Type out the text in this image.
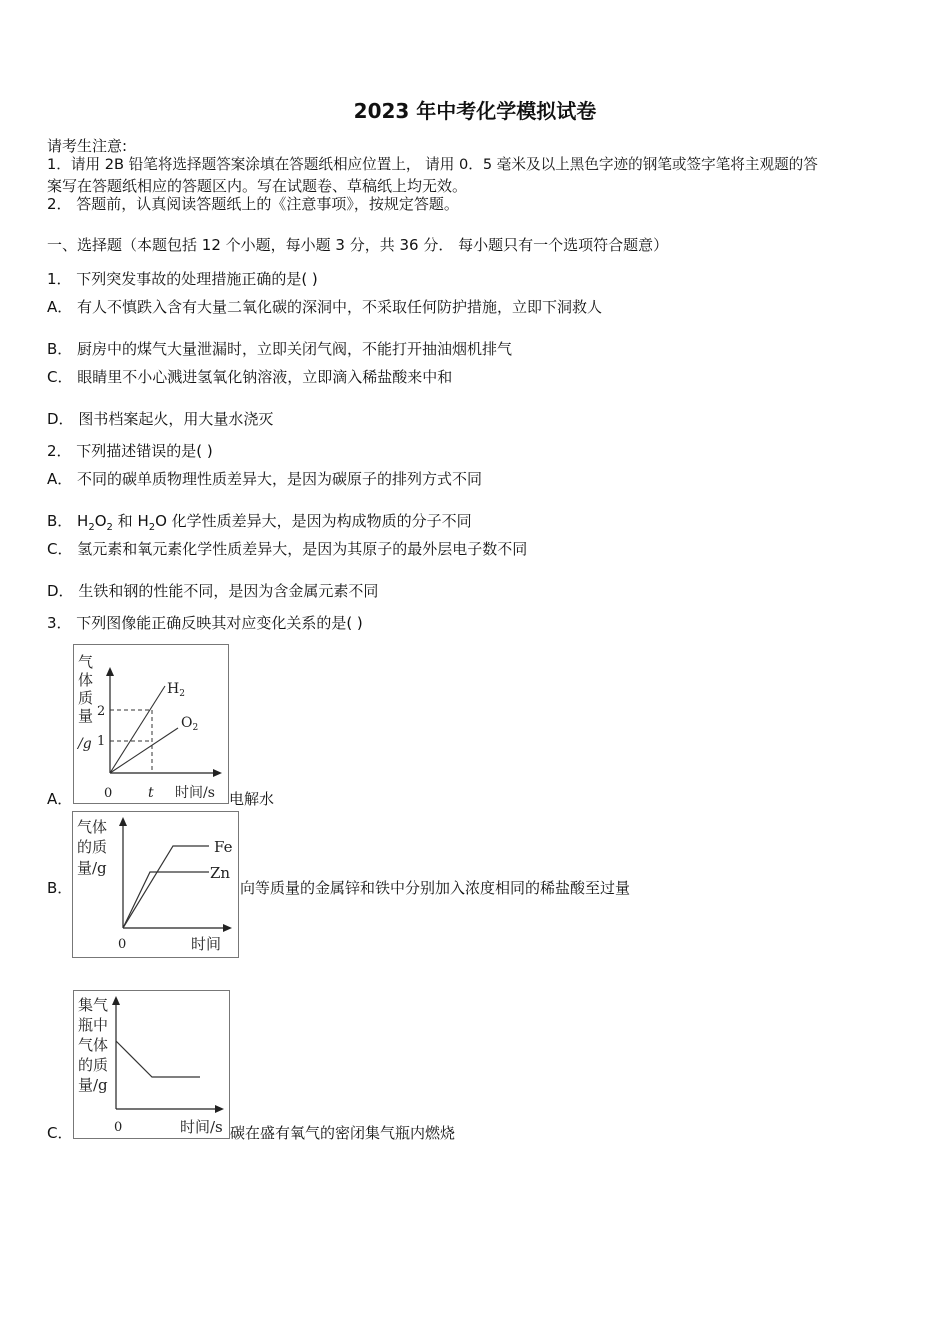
2023 年中考化学模拟试卷
请考生注意:
1．请用 2B 铅笔将选择题答案涂填在答题纸相应位置上， 请用 0．5 毫米及以上黑色字迹的钢笔或签字笔将主观题的答
案写在答题纸相应的答题区内。写在试题卷、草稿纸上均无效。
2． 答题前，认真阅读答题纸上的《注意事项》，按规定答题。
一、选择题（本题包括 12 个小题，每小题 3 分，共 36 分． 每小题只有一个选项符合题意）
1． 下列突发事故的处理措施正确的是( )
A． 有人不慎跌入含有大量二氧化碳的深洞中，不采取任何防护措施，立即下洞救人
B． 厨房中的煤气大量泄漏时，立即关闭气阀，不能打开抽油烟机排气
C． 眼睛里不小心溅进氢氧化钠溶液，立即滴入稀盐酸来中和
D． 图书档案起火，用大量水浇灭
2． 下列描述错误的是( )
A． 不同的碳单质物理性质差异大，是因为碳原子的排列方式不同
B． $H_2O_2$ 和 $H_2O$ 化学性质差异大，是因为构成物质的分子不同
C． 氢元素和氧元素化学性质差异大，是因为其原子的最外层电子数不同
D． 生铁和钢的性能不同，是因为含金属元素不同
3． 下列图像能正确反映其对应变化关系的是( )
气
体
质
量
/g
2
1
$H_2$
$O_2$
0	t 时间/s
A．	电解水
气体
的质
量/g
Fe
Zn
0	时间
B．	向等质量的金属锌和铁中分别加入浓度相同的稀盐酸至过量
集气
瓶中
气体
的质
量/g
0	时间/s
C．	碳在盛有氧气的密闭集气瓶内燃烧
